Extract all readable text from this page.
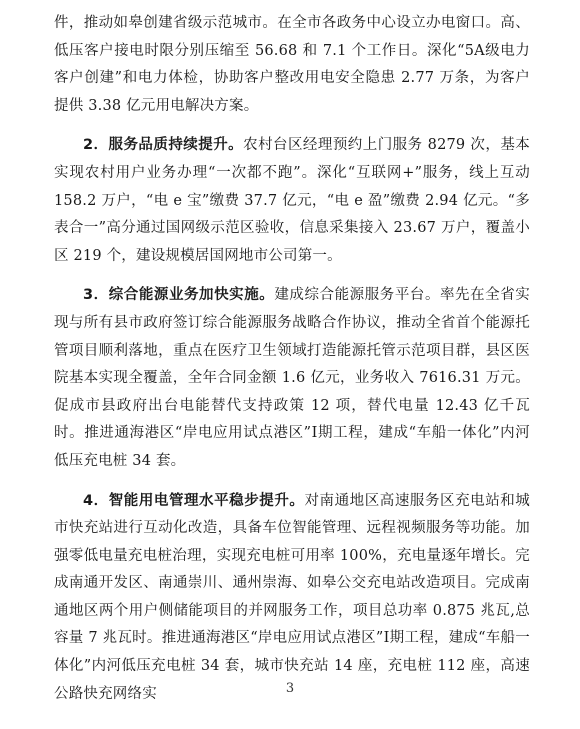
件，推动如皋创建省级示范城市。在全市各政务中心设立办电窗口。高、低压客户接电时限分别压缩至 56.68 和 7.1 个工作日。深化“5A级电力客户创建”和电力体检，协助客户整改用电安全隐患 2.77 万条，为客户提供 3.38 亿元用电解决方案。

2．服务品质持续提升。农村台区经理预约上门服务 8279 次，基本实现农村用户业务办理“一次都不跑”。深化“互联网+”服务，线上互动 158.2 万户，“电 e 宝”缴费 37.7 亿元，“电 e 盈”缴费 2.94 亿元。“多表合一”高分通过国网级示范区验收，信息采集接入 23.67 万户，覆盖小区 219 个，建设规模居国网地市公司第一。

3．综合能源业务加快实施。建成综合能源服务平台。率先在全省实现与所有县市政府签订综合能源服务战略合作协议，推动全省首个能源托管项目顺利落地，重点在医疗卫生领域打造能源托管示范项目群，县区医院基本实现全覆盖，全年合同金额 1.6 亿元，业务收入 7616.31 万元。促成市县政府出台电能替代支持政策 12 项，替代电量 12.43 亿千瓦时。推进通海港区“岸电应用试点港区”Ⅰ期工程，建成“车船一体化”内河低压充电桩 34 套。

4．智能用电管理水平稳步提升。对南通地区高速服务区充电站和城市快充站进行互动化改造，具备车位智能管理、远程视频服务等功能。加强零低电量充电桩治理，实现充电桩可用率 100%，充电量逐年增长。完成南通开发区、南通崇川、通州崇海、如皋公交充电站改造项目。完成南通地区两个用户侧储能项目的并网服务工作，项目总功率 0.875 兆瓦,总容量 7 兆瓦时。推进通海港区“岸电应用试点港区”Ⅰ期工程，建成“车船一体化”内河低压充电桩 34 套，城市快充站 14 座，充电桩 112 座，高速公路快充网络实	3
